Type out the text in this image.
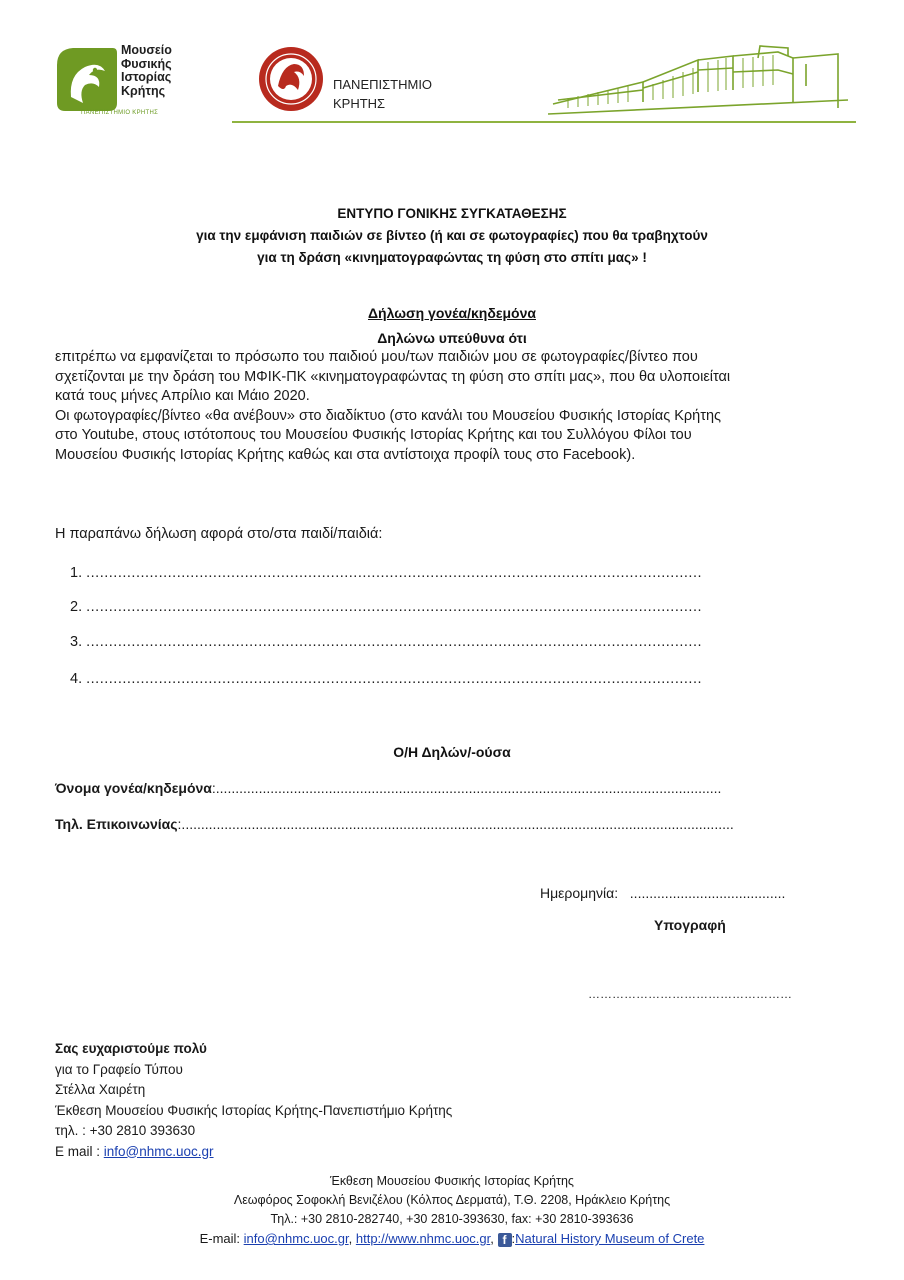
Μουσείο
Φυσικής
Ιστορίας
Κρήτης
ΠΑΝΕΠΙΣΤΗΜΙΟ ΚΡΗΤΗΣ
ΠΑΝΕΠΙΣΤΗΜΙΟ
ΚΡΗΤΗΣ
ΕΝΤΥΠΟ ΓΟΝΙΚΗΣ ΣΥΓΚΑΤΑΘΕΣΗΣ
για την εμφάνιση παιδιών σε βίντεο (ή και σε φωτογραφίες) που θα τραβηχτούν
για τη δράση «κινηματογραφώντας τη φύση στο σπίτι μας» !
Δήλωση γονέα/κηδεμόνα
Δηλώνω υπεύθυνα ότι
επιτρέπω να εμφανίζεται το πρόσωπο του παιδιού μου/των παιδιών μου σε φωτογραφίες/βίντεο που
σχετίζονται με την δράση του ΜΦΙΚ-ΠΚ «κινηματογραφώντας τη φύση στο σπίτι μας», που θα υλοποιείται
κατά τους μήνες Απρίλιο και Μάιο 2020.
Οι φωτογραφίες/βίντεο «θα ανέβουν» στο διαδίκτυο (στο κανάλι του Μουσείου Φυσικής Ιστορίας Κρήτης
στο Youtube, στους ιστότοπους του Μουσείου Φυσικής Ιστορίας Κρήτης και του Συλλόγου Φίλοι του
Μουσείου Φυσικής Ιστορίας Κρήτης καθώς και στα αντίστοιχα προφίλ τους στο Facebook).
Η παραπάνω δήλωση αφορά στο/στα παιδί/παιδιά:
1. ........................................................................................................................................
2. ........................................................................................................................................
3. ........................................................................................................................................
4. ........................................................................................................................................
Ο/Η Δηλών/-ούσα
Όνομα γονέα/κηδεμόνα:..................................................................................................................................
Τηλ. Επικοινωνίας:..............................................................................................................................................
Ημερομηνία: ........................................
Υπογραφή
……………………………………………
Σας ευχαριστούμε πολύ
για το Γραφείο Τύπου
Στέλλα Χαιρέτη
Έκθεση Μουσείου Φυσικής Ιστορίας Κρήτης-Πανεπιστήμιο Κρήτης
τηλ. : +30 2810 393630
E mail : info@nhmc.uoc.gr
Έκθεση Μουσείου Φυσικής Ιστορίας Κρήτης
Λεωφόρος Σοφοκλή Βενιζέλου (Κόλπος Δερματά), Τ.Θ. 2208, Ηράκλειο Κρήτης
Τηλ.: +30 2810-282740, +30 2810-393630, fax: +30 2810-393636
E-mail: info@nhmc.uoc.gr, http://www.nhmc.uoc.gr, f :Natural History Museum of Crete
